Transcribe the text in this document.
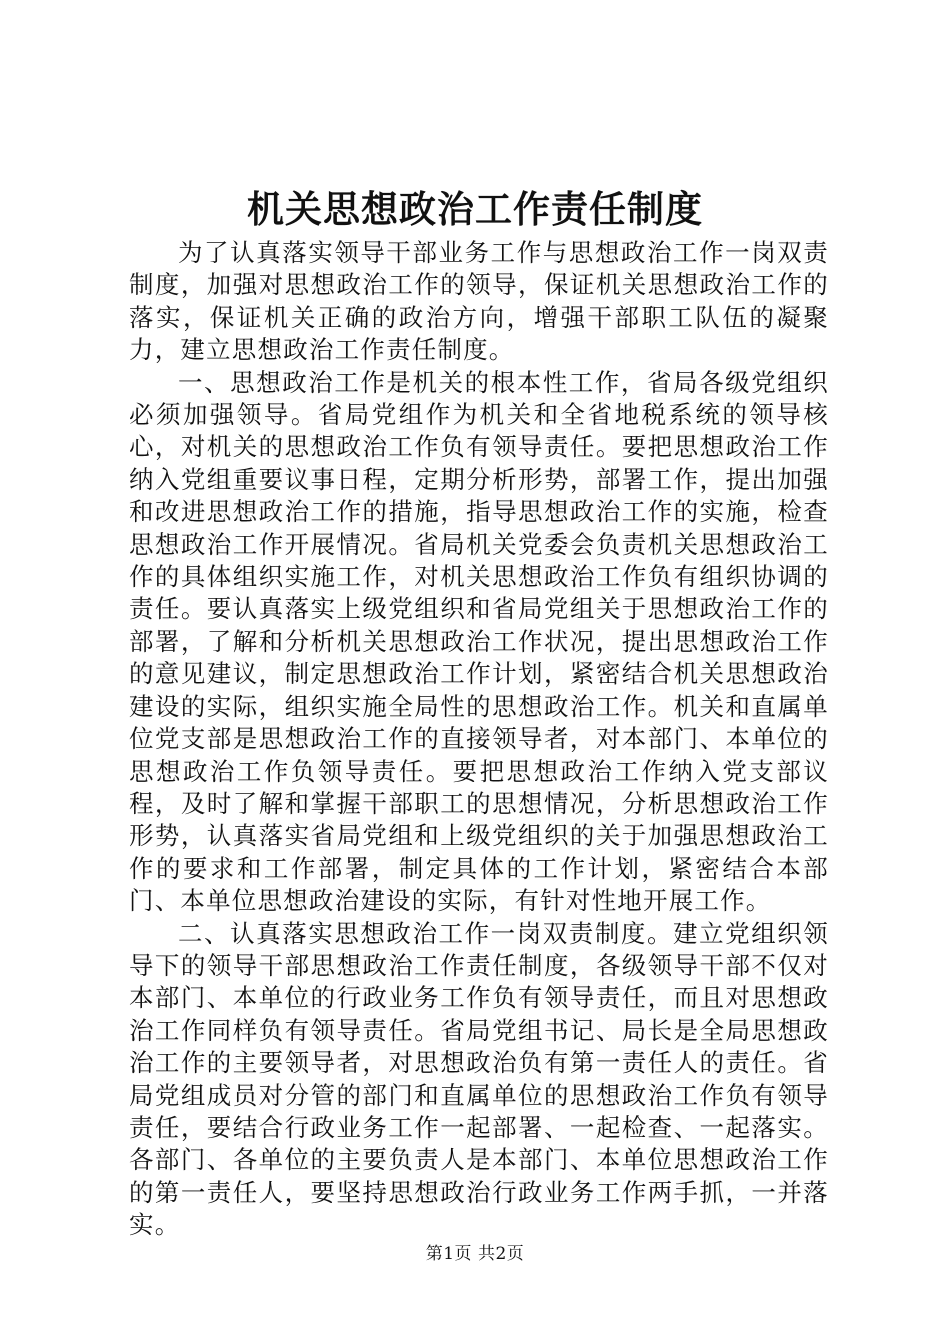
机关思想政治工作责任制度

为了认真落实领导干部业务工作与思想政治工作一岗双责制度，加强对思想政治工作的领导，保证机关思想政治工作的落实，保证机关正确的政治方向，增强干部职工队伍的凝聚力，建立思想政治工作责任制度。

一、思想政治工作是机关的根本性工作，省局各级党组织必须加强领导。省局党组作为机关和全省地税系统的领导核心，对机关的思想政治工作负有领导责任。要把思想政治工作纳入党组重要议事日程，定期分析形势，部署工作，提出加强和改进思想政治工作的措施，指导思想政治工作的实施，检查思想政治工作开展情况。省局机关党委会负责机关思想政治工作的具体组织实施工作，对机关思想政治工作负有组织协调的责任。要认真落实上级党组织和省局党组关于思想政治工作的部署，了解和分析机关思想政治工作状况，提出思想政治工作的意见建议，制定思想政治工作计划，紧密结合机关思想政治建设的实际，组织实施全局性的思想政治工作。机关和直属单位党支部是思想政治工作的直接领导者，对本部门、本单位的思想政治工作负领导责任。要把思想政治工作纳入党支部议程，及时了解和掌握干部职工的思想情况，分析思想政治工作形势，认真落实省局党组和上级党组织的关于加强思想政治工作的要求和工作部署，制定具体的工作计划，紧密结合本部门、本单位思想政治建设的实际，有针对性地开展工作。

二、认真落实思想政治工作一岗双责制度。建立党组织领导下的领导干部思想政治工作责任制度，各级领导干部不仅对本部门、本单位的行政业务工作负有领导责任，而且对思想政治工作同样负有领导责任。省局党组书记、局长是全局思想政治工作的主要领导者，对思想政治负有第一责任人的责任。省局党组成员对分管的部门和直属单位的思想政治工作负有领导责任，要结合行政业务工作一起部署、一起检查、一起落实。各部门、各单位的主要负责人是本部门、本单位思想政治工作的第一责任人，要坚持思想政治行政业务工作两手抓，一并落实。

第1页 共2页
